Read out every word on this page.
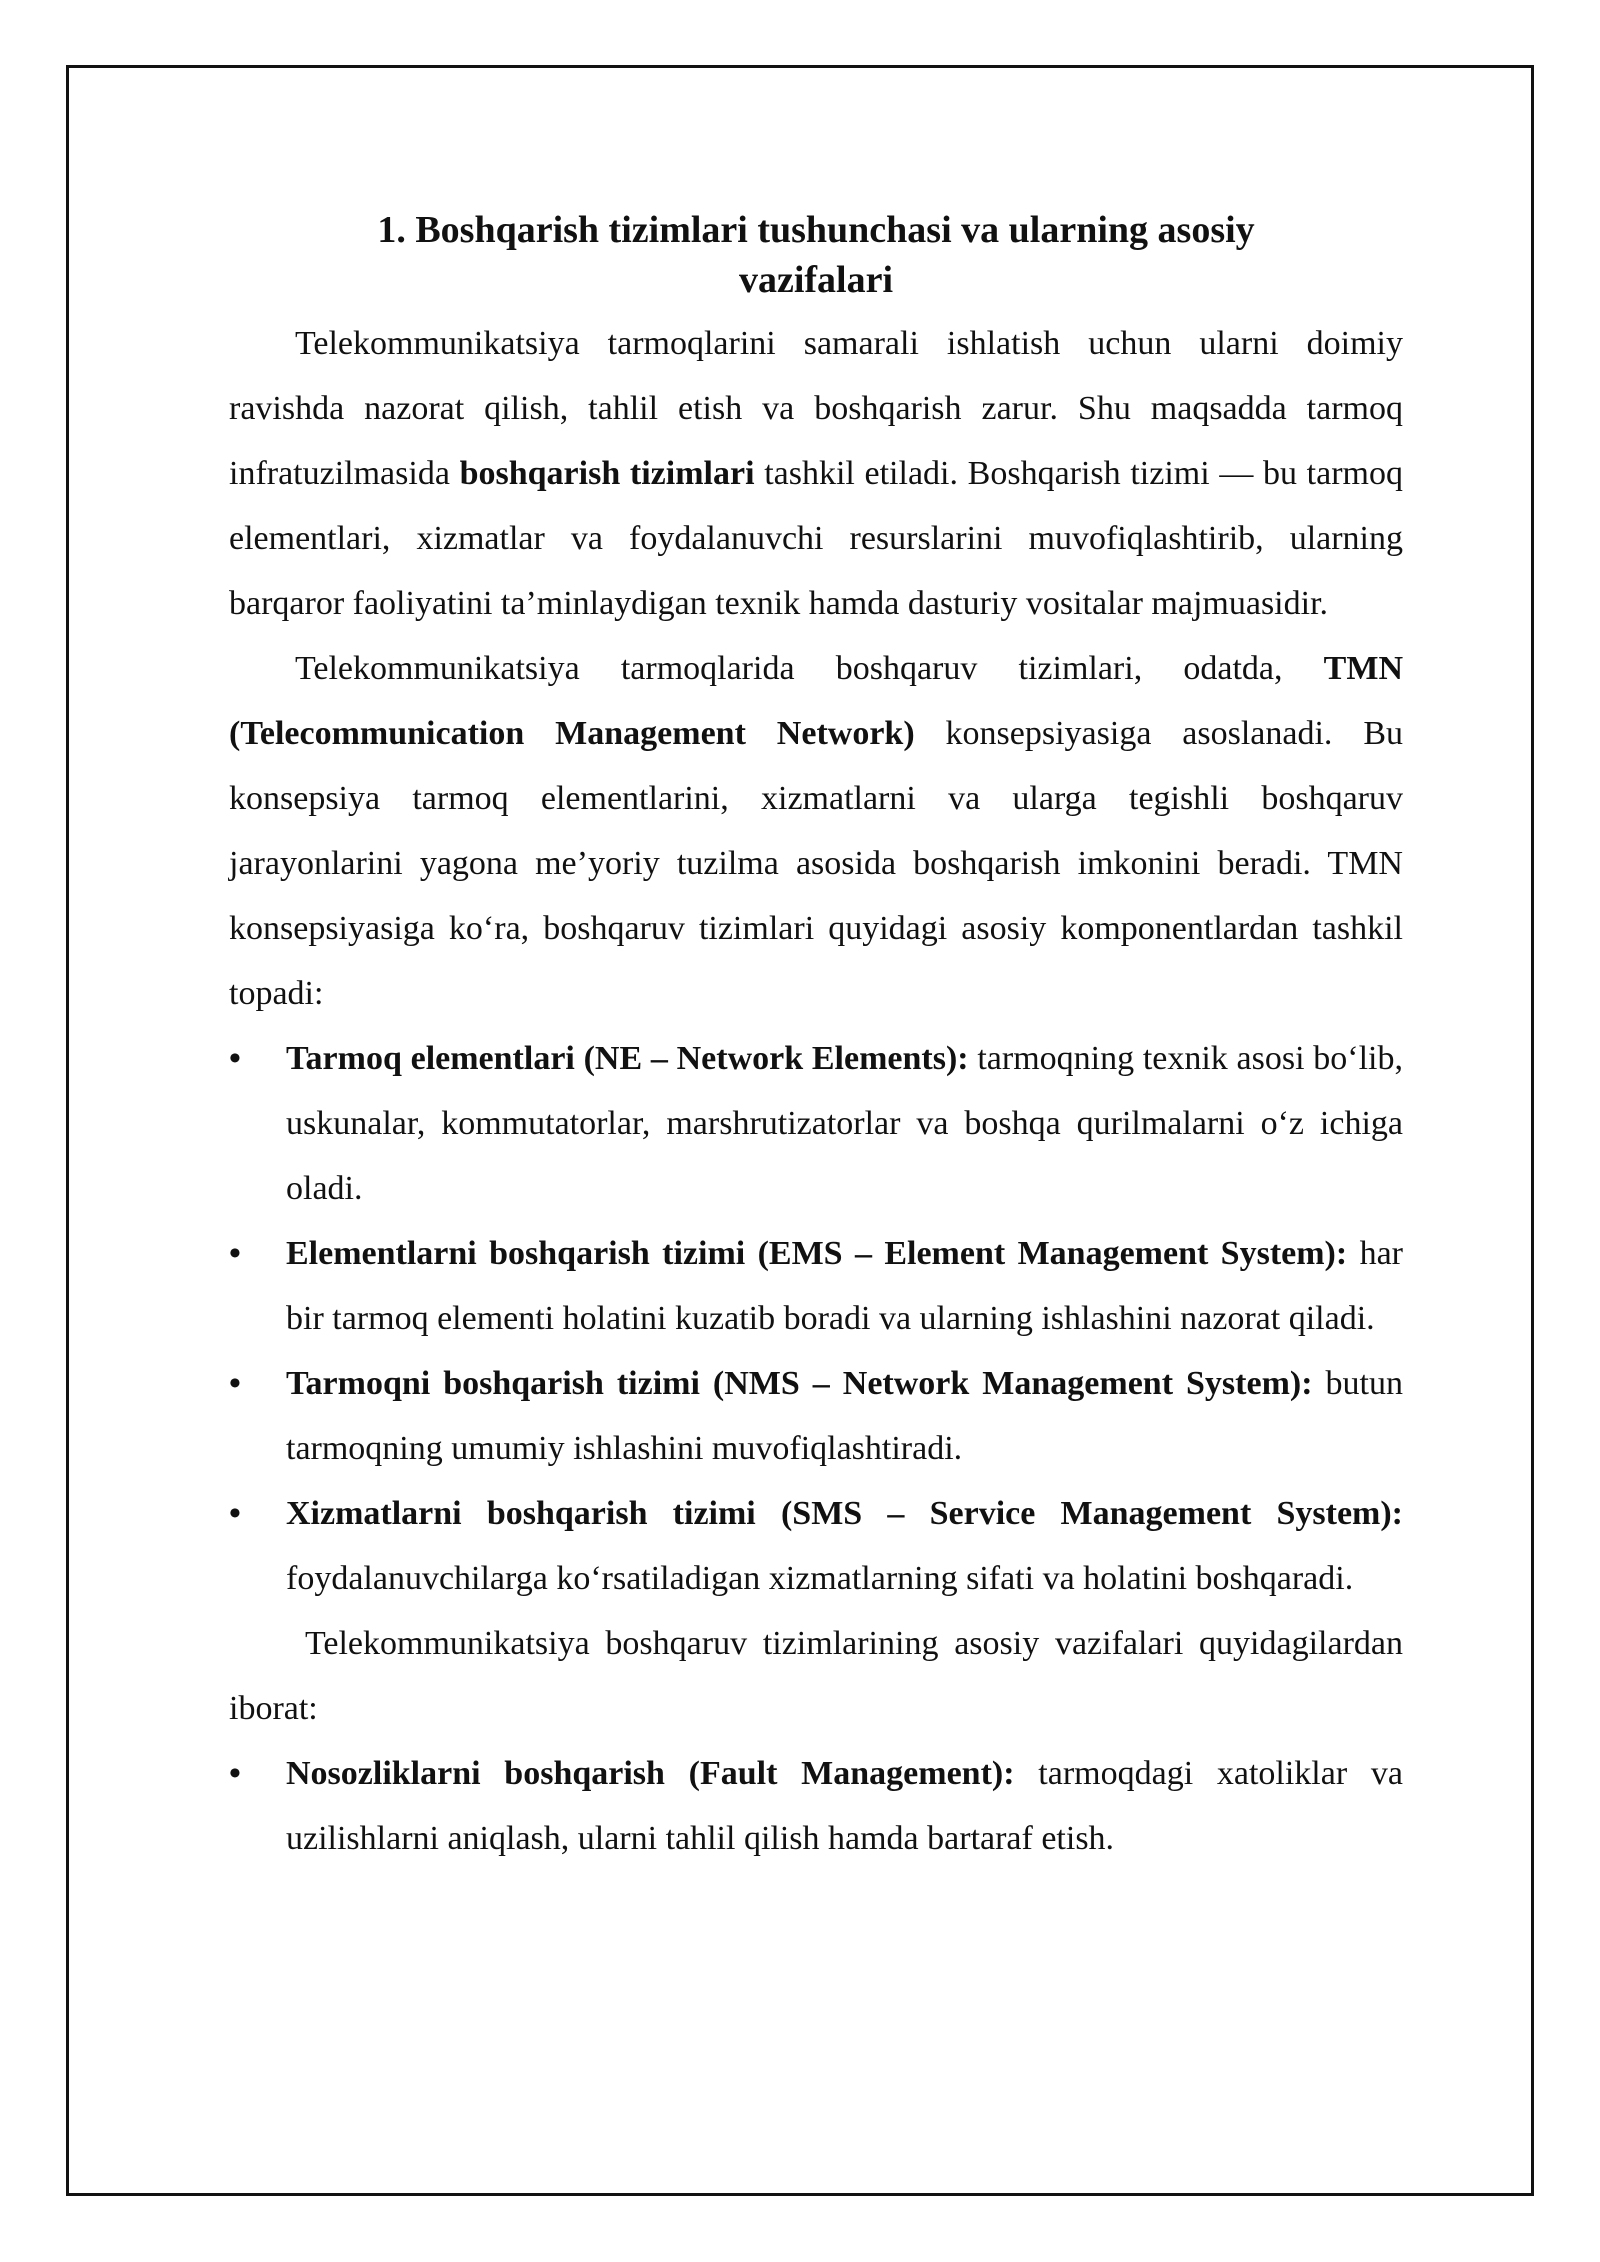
1. Boshqarish tizimlari tushunchasi va ularning asosiy
vazifalari

Telekommunikatsiya tarmoqlarini samarali ishlatish uchun ularni doimiy ravishda nazorat qilish, tahlil etish va boshqarish zarur. Shu maqsadda tarmoq infratuzilmasida boshqarish tizimlari tashkil etiladi. Boshqarish tizimi — bu tarmoq elementlari, xizmatlar va foydalanuvchi resurslarini muvofiqlashtirib, ularning barqaror faoliyatini ta’minlaydigan texnik hamda dasturiy vositalar majmuasidir.

Telekommunikatsiya tarmoqlarida boshqaruv tizimlari, odatda, TMN (Telecommunication Management Network) konsepsiyasiga asoslanadi. Bu konsepsiya tarmoq elementlarini, xizmatlarni va ularga tegishli boshqaruv jarayonlarini yagona me’yoriy tuzilma asosida boshqarish imkonini beradi. TMN konsepsiyasiga ko‘ra, boshqaruv tizimlari quyidagi asosiy komponentlardan tashkil topadi:

• Tarmoq elementlari (NE – Network Elements): tarmoqning texnik asosi bo‘lib, uskunalar, kommutatorlar, marshrutizatorlar va boshqa qurilmalarni o‘z ichiga oladi.
• Elementlarni boshqarish tizimi (EMS – Element Management System): har bir tarmoq elementi holatini kuzatib boradi va ularning ishlashini nazorat qiladi.
• Tarmoqni boshqarish tizimi (NMS – Network Management System): butun tarmoqning umumiy ishlashini muvofiqlashtiradi.
• Xizmatlarni boshqarish tizimi (SMS – Service Management System): foydalanuvchilarga ko‘rsatiladigan xizmatlarning sifati va holatini boshqaradi.

Telekommunikatsiya boshqaruv tizimlarining asosiy vazifalari quyidagilardan iborat:

• Nosozliklarni boshqarish (Fault Management): tarmoqdagi xatoliklar va uzilishlarni aniqlash, ularni tahlil qilish hamda bartaraf etish.
